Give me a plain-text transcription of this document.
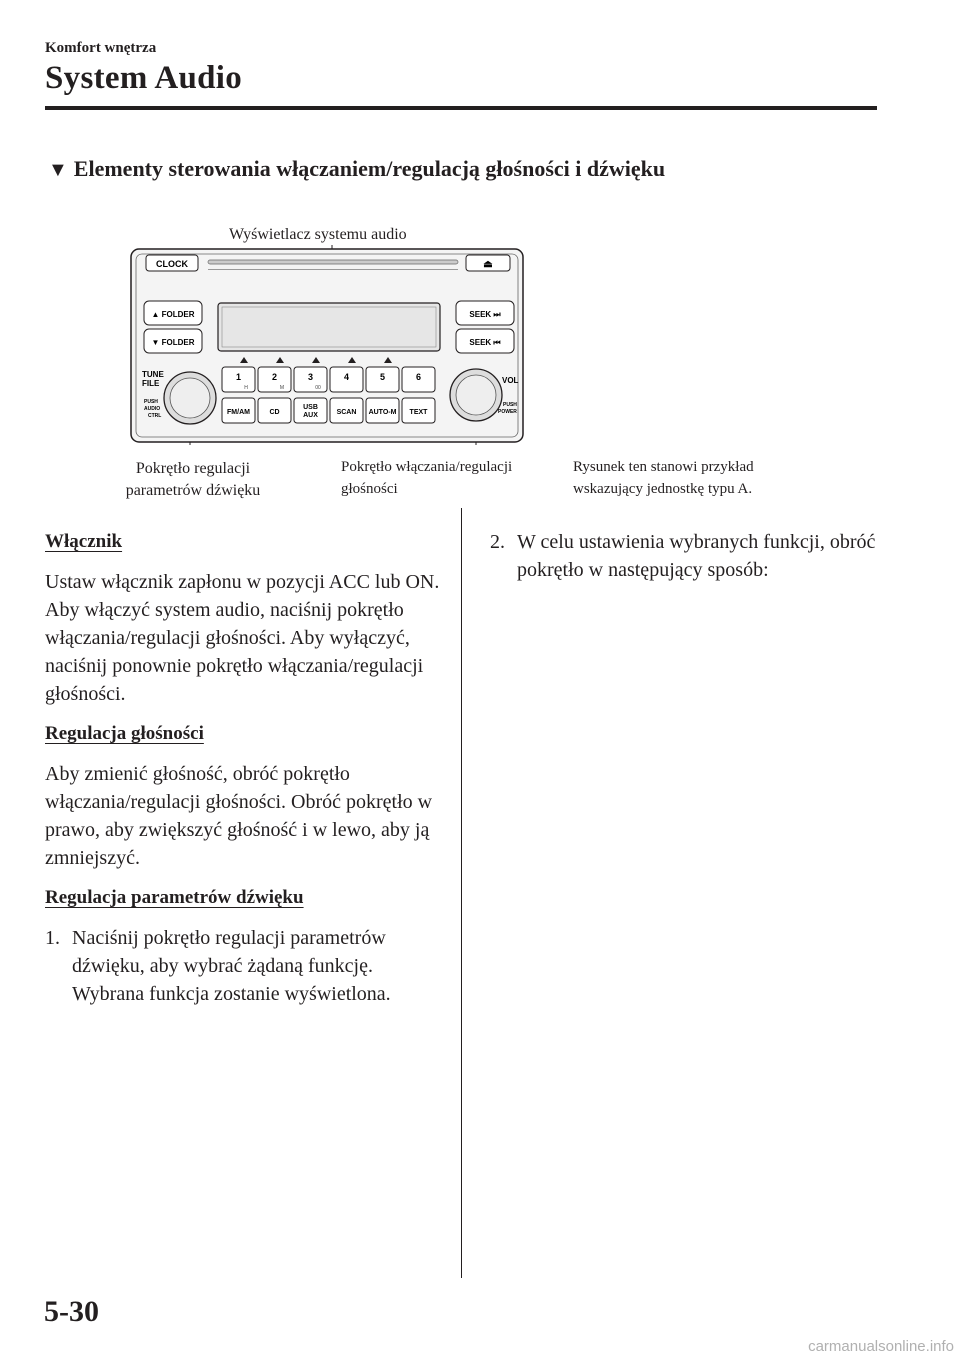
Komfort wnętrza
System Audio
▼ Elementy sterowania włączaniem/regulacją głośności i dźwięku
Wyświetlacz systemu audio
Pokrętło regulacji
parametrów dźwięku
Pokrętło włączania/regulacji
głośności
Rysunek ten stanowi przykład
wskazujący jednostkę typu A.
CLOCK	⏏
▲ FOLDER
▼ FOLDER
SEEK ⏭
SEEK ⏮
TUNE
FILE
PUSH
AUDIO
CTRL
VOL
PUSH
POWER
1	2	3	4	5	6
H	M	00
FM/AM	CD
USB
AUX	SCAN AUTO-M TEXT

Włącznik

Ustaw włącznik zapłonu w pozycji ACC lub ON. Aby włączyć system audio, naciśnij pokrętło włączania/regulacji głośności. Aby wyłączyć, naciśnij ponownie pokrętło włączania/regulacji głośności.

Regulacja głośności

Aby zmienić głośność, obróć pokrętło włączania/regulacji głośności. Obróć pokrętło w prawo, aby zwiększyć głośność i w lewo, aby ją zmniejszyć.

Regulacja parametrów dźwięku

1. Naciśnij pokrętło regulacji parametrów dźwięku, aby wybrać żądaną funkcję. Wybrana funkcja zostanie wyświetlona.
2. W celu ustawienia wybranych funkcji, obróć pokrętło w następujący sposób:
5-30
carmanualsonline.info
